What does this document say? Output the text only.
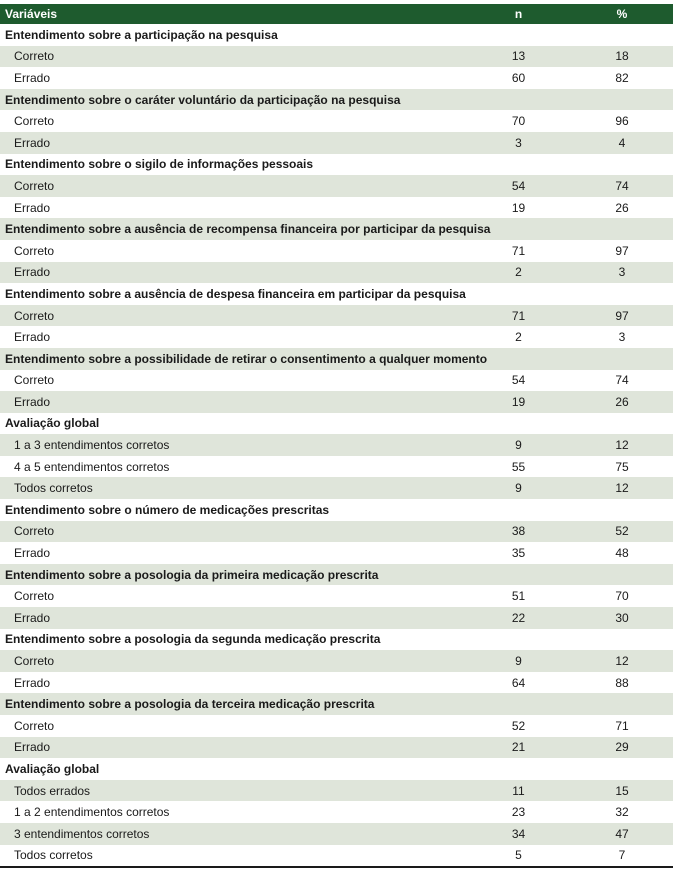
Variáveis	n	%
Entendimento sobre a participação na pesquisa		
Correto	13	18
Errado	60	82
Entendimento sobre o caráter voluntário da participação na pesquisa		
Correto	70	96
Errado	3	4
Entendimento sobre o sigilo de informações pessoais		
Correto	54	74
Errado	19	26
Entendimento sobre a ausência de recompensa financeira por participar da pesquisa		
Correto	71	97
Errado	2	3
Entendimento sobre a ausência de despesa financeira em participar da pesquisa		
Correto	71	97
Errado	2	3
Entendimento sobre a possibilidade de retirar o consentimento a qualquer momento		
Correto	54	74
Errado	19	26
Avaliação global		
1 a 3 entendimentos corretos	9	12
4 a 5 entendimentos corretos	55	75
Todos corretos	9	12
Entendimento sobre o número de medicações prescritas		
Correto	38	52
Errado	35	48
Entendimento sobre a posologia da primeira medicação prescrita		
Correto	51	70
Errado	22	30
Entendimento sobre a posologia da segunda medicação prescrita		
Correto	9	12
Errado	64	88
Entendimento sobre a posologia da terceira medicação prescrita		
Correto	52	71
Errado	21	29
Avaliação global		
Todos errados	11	15
1 a 2 entendimentos corretos	23	32
3 entendimentos corretos	34	47
Todos corretos	5	7
